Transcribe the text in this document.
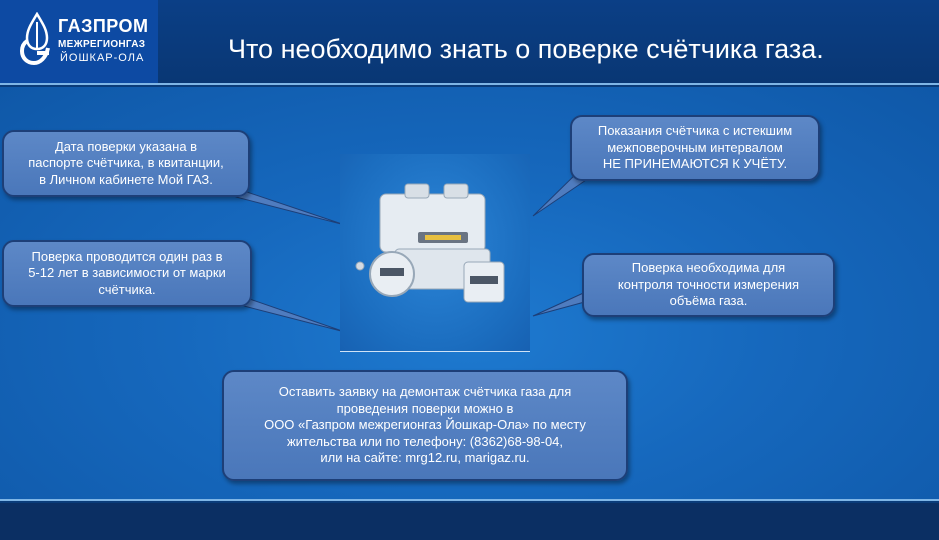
ГАЗПРОМ
МЕЖРЕГИОНГАЗ
ЙОШКАР-ОЛА	Что необходимо знать о поверке счётчика газа.
Дата поверки указана в
паспорте счётчика, в квитанции,
в Личном кабинете Мой ГАЗ.
Поверка проводится один раз в
5-12 лет в зависимости от марки
счётчика.
Показания счётчика с истекшим
межповерочным интервалом
НЕ ПРИНЕМАЮТСЯ К УЧЁТУ.
Поверка необходима для
контроля точности измерения
объёма газа.
Оставить заявку на демонтаж счётчика газа для
проведения поверки можно в
ООО «Газпром межрегионгаз Йошкар-Ола» по месту
жительства или по телефону: (8362)68-98-04,
или на сайте: mrg12.ru, marigaz.ru.
